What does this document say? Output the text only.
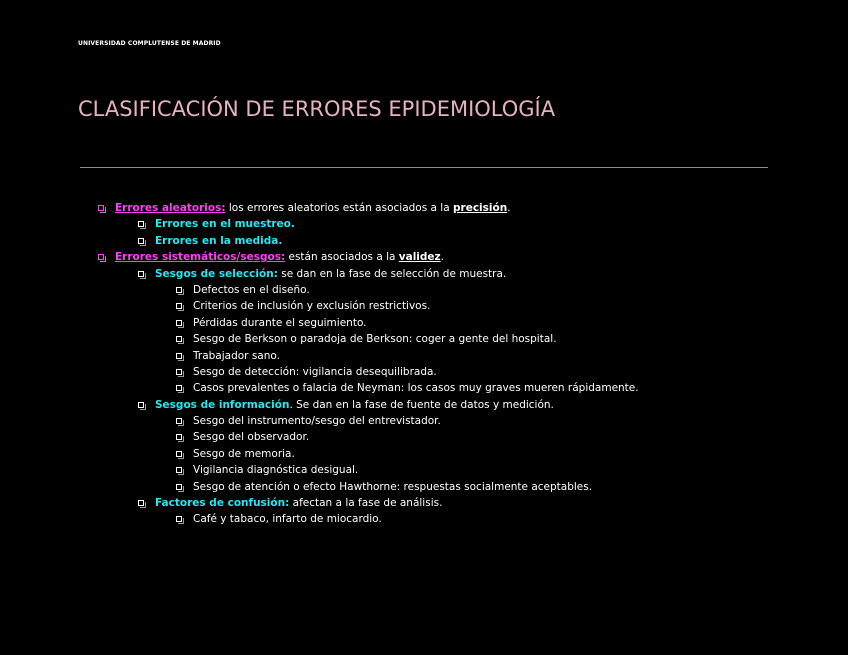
UNIVERSIDAD COMPLUTENSE DE MADRID
CLASIFICACIÓN DE ERRORES EPIDEMIOLOGÍA
Errores aleatorios: los errores aleatorios están asociados a la precisión.
Errores en el muestreo.
Errores en la medida.
Errores sistemáticos/sesgos: están asociados a la validez.
Sesgos de selección: se dan en la fase de selección de muestra.
Defectos en el diseño.
Criterios de inclusión y exclusión restrictivos.
Pérdidas durante el seguimiento.
Sesgo de Berkson o paradoja de Berkson: coger a gente del hospital.
Trabajador sano.
Sesgo de detección: vigilancia desequilibrada.
Casos prevalentes o falacia de Neyman: los casos muy graves mueren rápidamente.
Sesgos de información. Se dan en la fase de fuente de datos y medición.
Sesgo del instrumento/sesgo del entrevistador.
Sesgo del observador.
Sesgo de memoria.
Vigilancia diagnóstica desigual.
Sesgo de atención o efecto Hawthorne: respuestas socialmente aceptables.
Factores de confusión: afectan a la fase de análisis.
Café y tabaco, infarto de miocardio.
